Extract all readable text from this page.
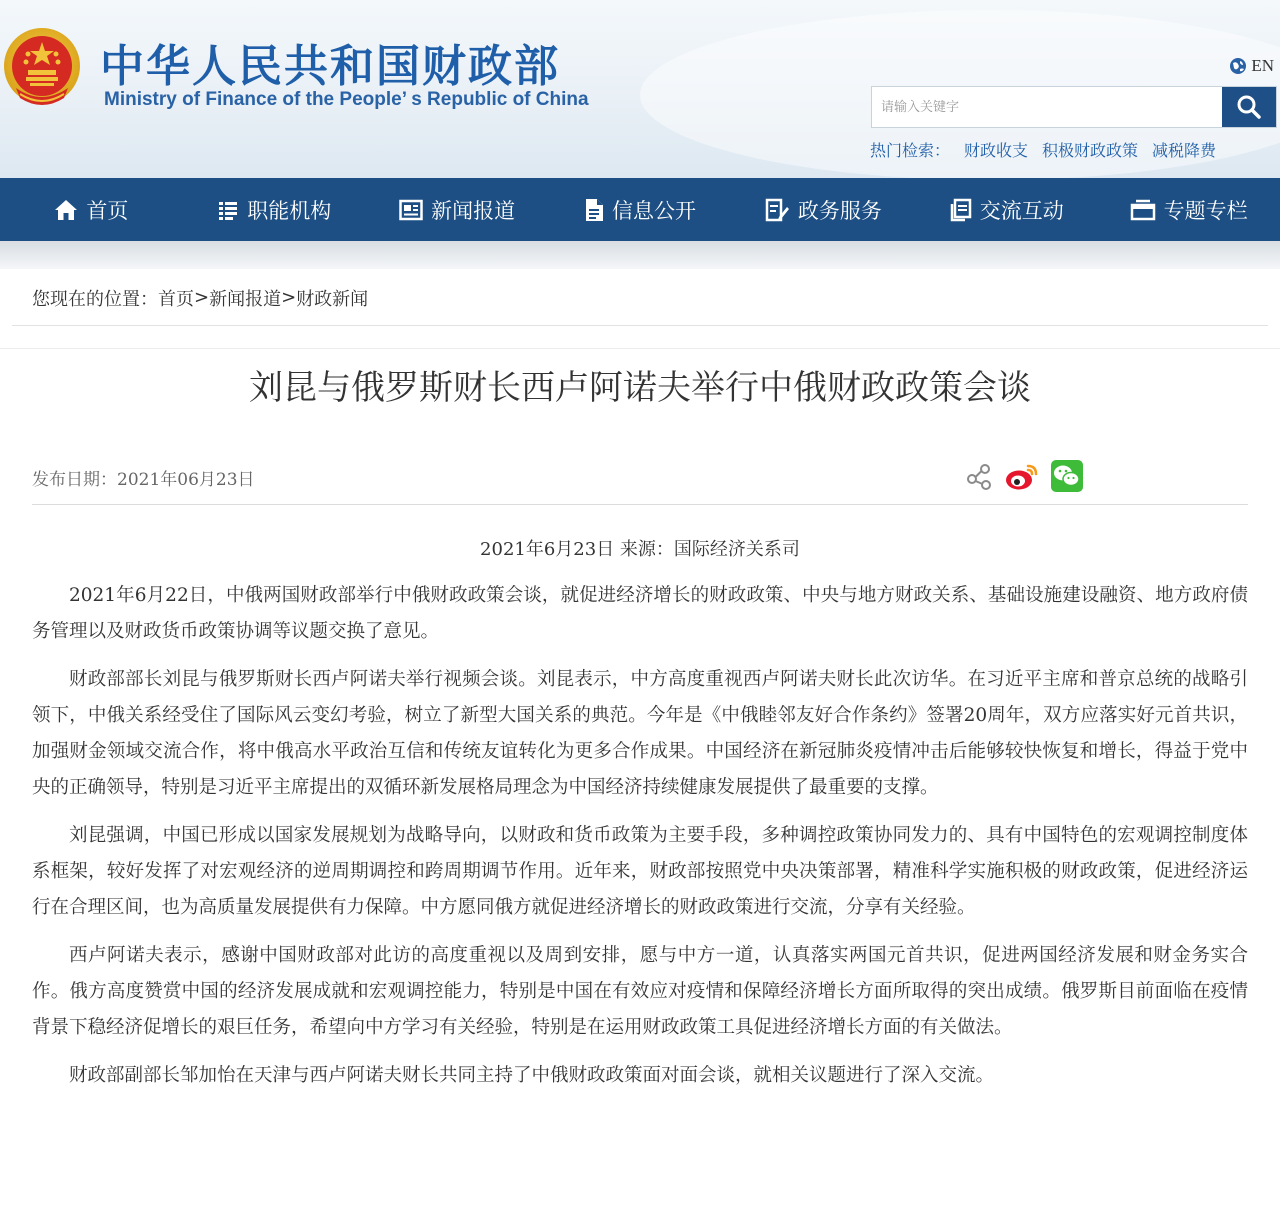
中华人民共和国财政部
Ministry of Finance of the People’ s Republic of China
EN
请输入关键字
热门检索： 财政收支 积极财政政策 减税降费
首页	职能机构	新闻报道	信息公开	政务服务	交流互动	专题专栏
您现在的位置： 首页 > 新闻报道 > 财政新闻
刘昆与俄罗斯财长西卢阿诺夫举行中俄财政政策会谈
发布日期：2021年06月23日
2021年6月23日 来源：国际经济关系司

2021年6月22日，中俄两国财政部举行中俄财政政策会谈，就促进经济增长的财政政策、中央与地方财政关系、基础设施建设融资、地方政府债务管理以及财政货币政策协调等议题交换了意见。

财政部部长刘昆与俄罗斯财长西卢阿诺夫举行视频会谈。刘昆表示，中方高度重视西卢阿诺夫财长此次访华。在习近平主席和普京总统的战略引领下，中俄关系经受住了国际风云变幻考验，树立了新型大国关系的典范。今年是《中俄睦邻友好合作条约》签署20周年，双方应落实好元首共识，加强财金领域交流合作，将中俄高水平政治互信和传统友谊转化为更多合作成果。中国经济在新冠肺炎疫情冲击后能够较快恢复和增长，得益于党中央的正确领导，特别是习近平主席提出的双循环新发展格局理念为中国经济持续健康发展提供了最重要的支撑。

刘昆强调，中国已形成以国家发展规划为战略导向，以财政和货币政策为主要手段，多种调控政策协同发力的、具有中国特色的宏观调控制度体系框架，较好发挥了对宏观经济的逆周期调控和跨周期调节作用。近年来，财政部按照党中央决策部署，精准科学实施积极的财政政策，促进经济运行在合理区间，也为高质量发展提供有力保障。中方愿同俄方就促进经济增长的财政政策进行交流，分享有关经验。

西卢阿诺夫表示，感谢中国财政部对此访的高度重视以及周到安排，愿与中方一道，认真落实两国元首共识，促进两国经济发展和财金务实合作。俄方高度赞赏中国的经济发展成就和宏观调控能力，特别是中国在有效应对疫情和保障经济增长方面所取得的突出成绩。俄罗斯目前面临在疫情背景下稳经济促增长的艰巨任务，希望向中方学习有关经验，特别是在运用财政政策工具促进经济增长方面的有关做法。

财政部副部长邹加怡在天津与西卢阿诺夫财长共同主持了中俄财政政策面对面会谈，就相关议题进行了深入交流。
